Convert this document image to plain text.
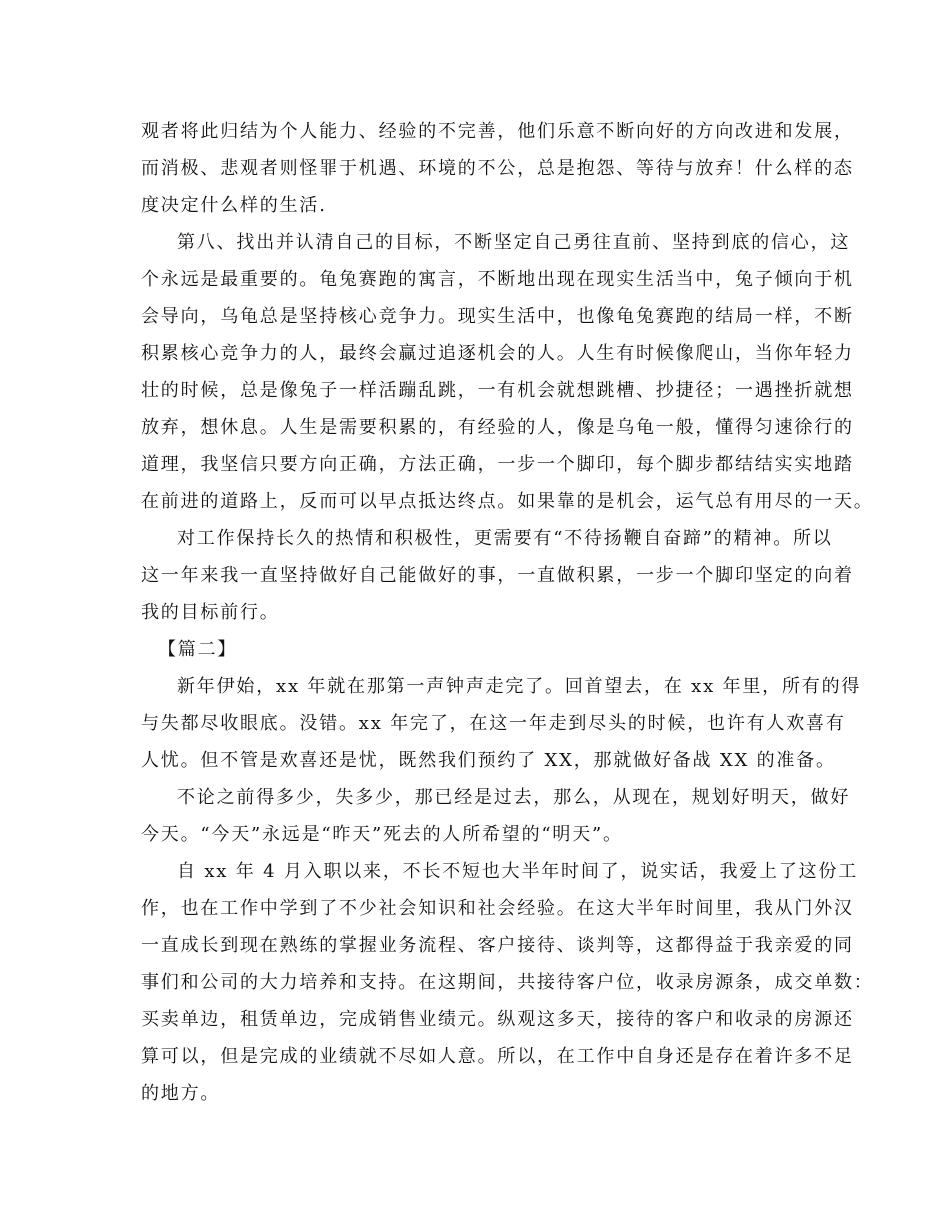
观者将此归结为个人能力、经验的不完善，他们乐意不断向好的方向改进和发展，
而消极、悲观者则怪罪于机遇、环境的不公，总是抱怨、等待与放弃！什么样的态
度决定什么样的生活.
第八、找出并认清自己的目标，不断坚定自己勇往直前、坚持到底的信心，这
个永远是最重要的。龟兔赛跑的寓言，不断地出现在现实生活当中，兔子倾向于机
会导向，乌龟总是坚持核心竞争力。现实生活中，也像龟兔赛跑的结局一样，不断
积累核心竞争力的人，最终会赢过追逐机会的人。人生有时候像爬山，当你年轻力
壮的时候，总是像兔子一样活蹦乱跳，一有机会就想跳槽、抄捷径；一遇挫折就想
放弃，想休息。人生是需要积累的，有经验的人，像是乌龟一般，懂得匀速徐行的
道理，我坚信只要方向正确，方法正确，一步一个脚印，每个脚步都结结实实地踏
在前进的道路上，反而可以早点抵达终点。如果靠的是机会，运气总有用尽的一天。
对工作保持长久的热情和积极性，更需要有“不待扬鞭自奋蹄”的精神。所以
这一年来我一直坚持做好自己能做好的事，一直做积累，一步一个脚印坚定的向着
我的目标前行。
【篇二】
新年伊始，xx 年就在那第一声钟声走完了。回首望去，在 xx 年里，所有的得
与失都尽收眼底。没错。xx 年完了，在这一年走到尽头的时候，也许有人欢喜有
人忧。但不管是欢喜还是忧，既然我们预约了 XX，那就做好备战 XX 的准备。
不论之前得多少，失多少，那已经是过去，那么，从现在，规划好明天，做好
今天。“今天”永远是“昨天”死去的人所希望的“明天”。
自 xx 年 4 月入职以来，不长不短也大半年时间了，说实话，我爱上了这份工
作，也在工作中学到了不少社会知识和社会经验。在这大半年时间里，我从门外汉
一直成长到现在熟练的掌握业务流程、客户接待、谈判等，这都得益于我亲爱的同
事们和公司的大力培养和支持。在这期间，共接待客户位，收录房源条，成交单数：
买卖单边，租赁单边，完成销售业绩元。纵观这多天，接待的客户和收录的房源还
算可以，但是完成的业绩就不尽如人意。所以，在工作中自身还是存在着许多不足
的地方。
